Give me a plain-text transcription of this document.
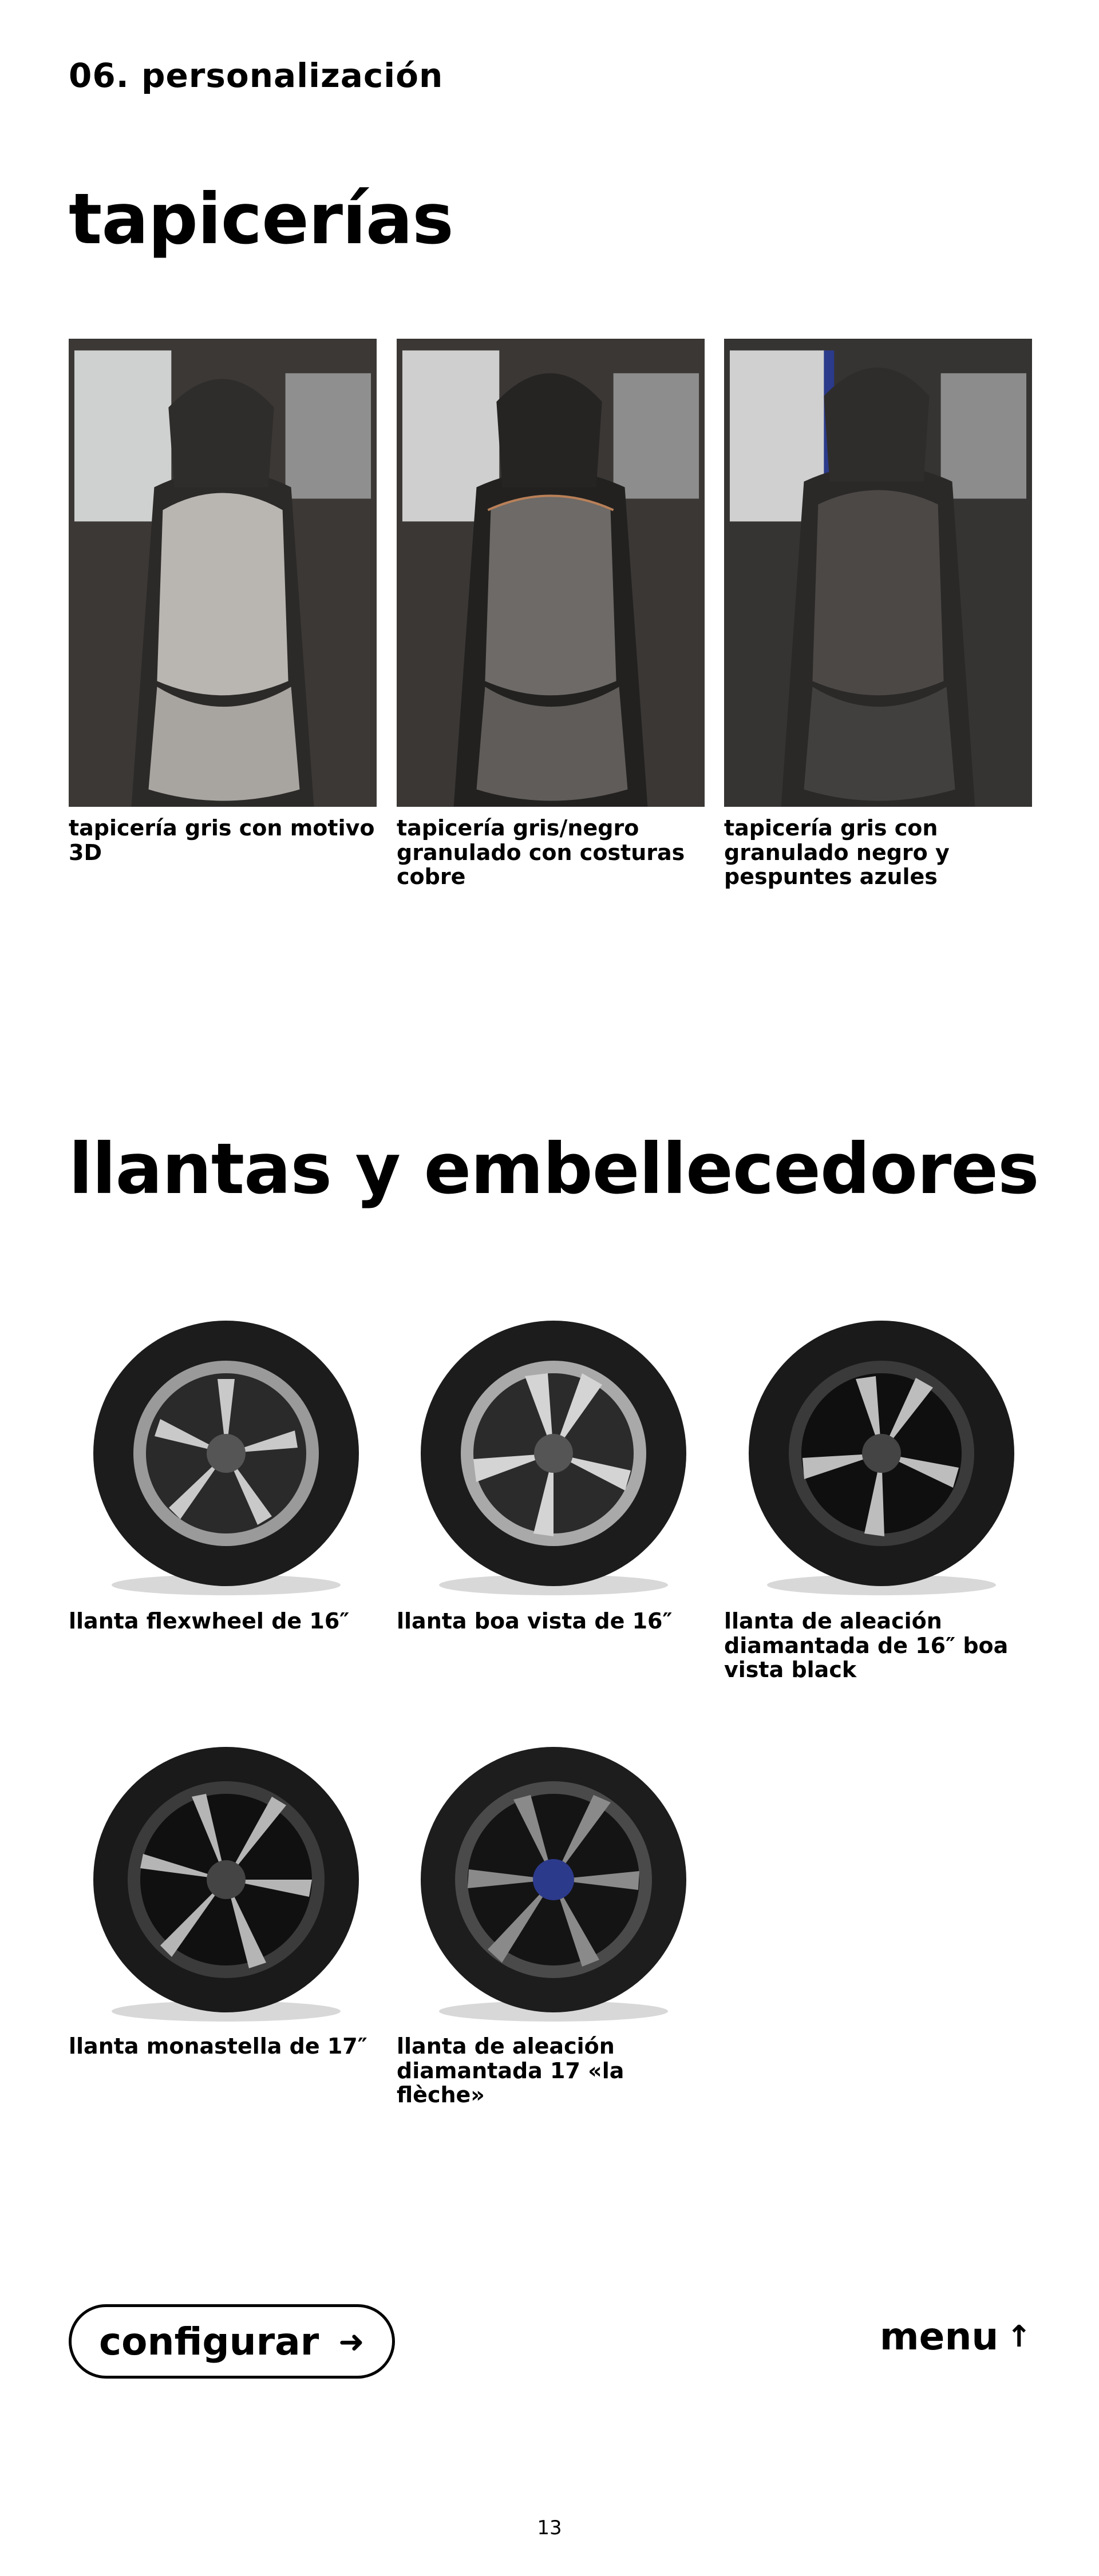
06. personalización
tapicerías
tapicería gris con motivo 3D
tapicería gris/negro granulado con costuras cobre
tapicería gris con granulado negro y pespuntes azules
llantas y embellecedores
llanta flexwheel de 16″	llanta boa vista de 16″	llanta de aleación diamantada de 16″ boa vista black
llanta monastella de 17″	llanta de aleación diamantada 17 «la flèche»
configurar ➜	menu ↑
13
